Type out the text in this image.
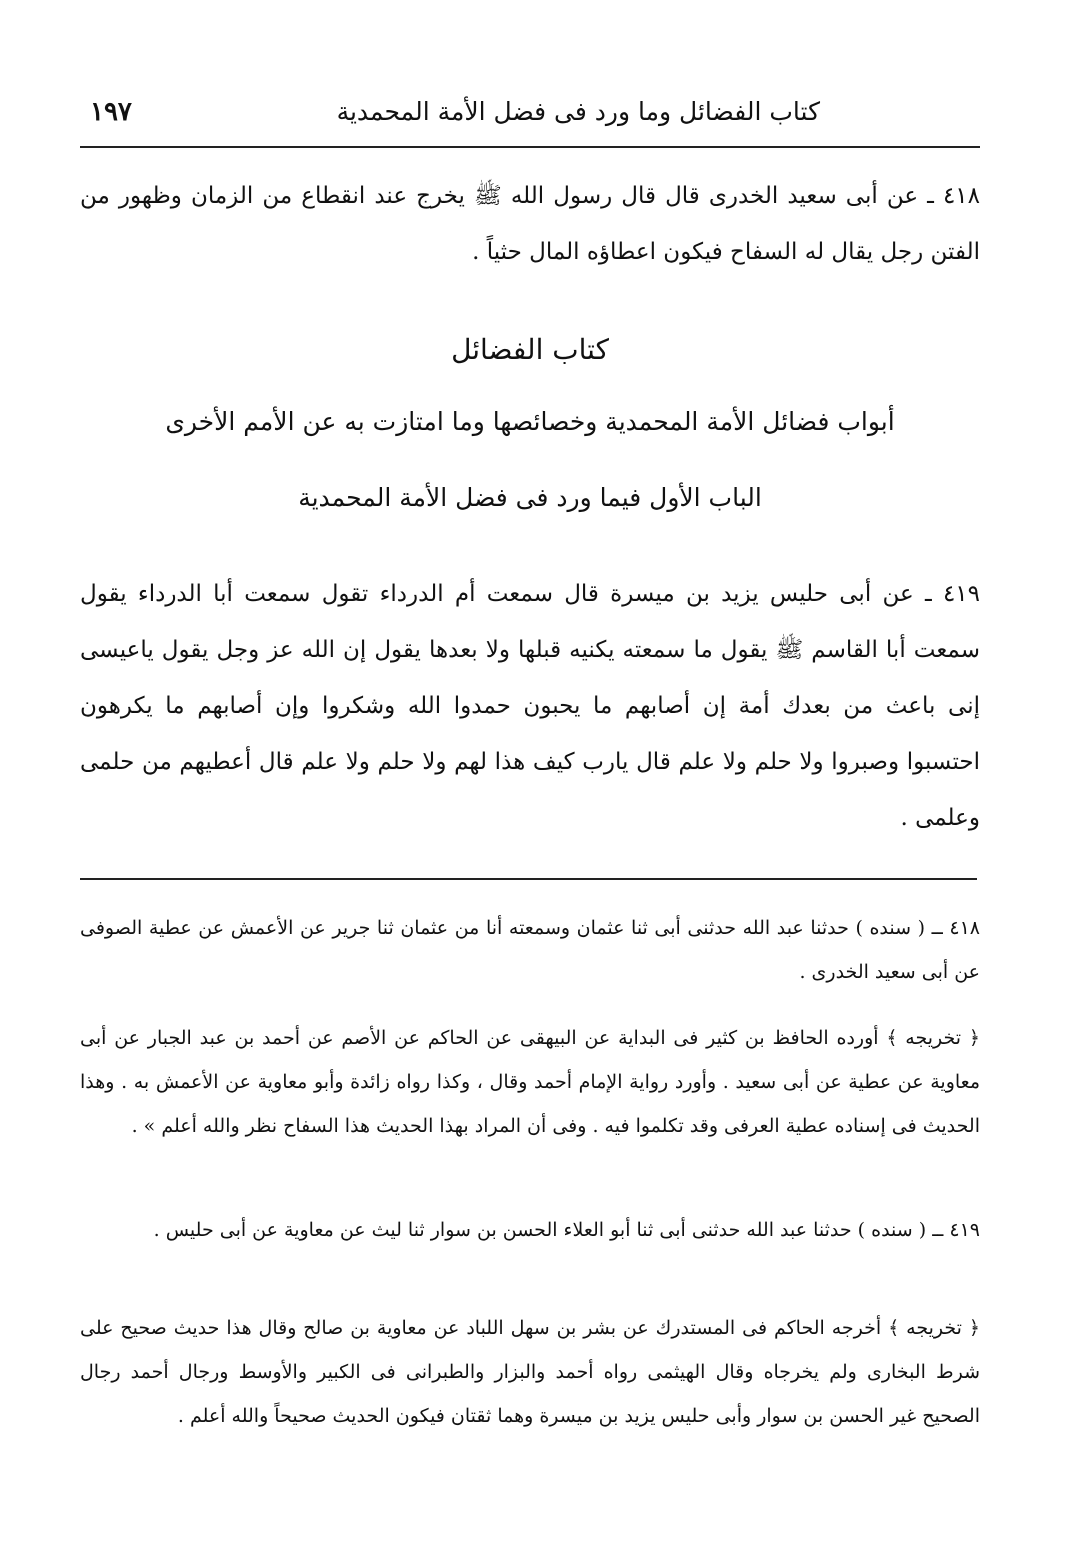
كتاب الفضائل وما ورد فى فضل الأمة المحمدية
١٩٧
٤١٨ ـ عن أبى سعيد الخدرى قال قال رسول الله ﷺ يخرج عند انقطاع من الزمان وظهور من الفتن رجل يقال له السفاح فيكون اعطاؤه المال حثياً .
كتاب الفضائل
أبواب فضائل الأمة المحمدية وخصائصها وما امتازت به عن الأمم الأخرى
الباب الأول فيما ورد فى فضل الأمة المحمدية
٤١٩ ـ عن أبى حليس يزيد بن ميسرة قال سمعت أم الدرداء تقول سمعت أبا الدرداء يقول سمعت أبا القاسم ﷺ يقول ما سمعته يكنيه قبلها ولا بعدها يقول إن الله عز وجل يقول ياعيسى إنى باعث من بعدك أمة إن أصابهم ما يحبون حمدوا الله وشكروا وإن أصابهم ما يكرهون احتسبوا وصبروا ولا حلم ولا علم قال يارب كيف هذا لهم ولا حلم ولا علم قال أعطيهم من حلمى وعلمى .
٤١٨ ــ ( سنده ) حدثنا عبد الله حدثنى أبى ثنا عثمان وسمعته أنا من عثمان ثنا جرير عن الأعمش عن عطية الصوفى عن أبى سعيد الخدرى .
﴿ تخريجه ﴾ أورده الحافظ بن كثير فى البداية عن البيهقى عن الحاكم عن الأصم عن أحمد بن عبد الجبار عن أبى معاوية عن عطية عن أبى سعيد . وأورد رواية الإمام أحمد وقال ، وكذا رواه زائدة وأبو معاوية عن الأعمش به . وهذا الحديث فى إسناده عطية العرفى وقد تكلموا فيه . وفى أن المراد بهذا الحديث هذا السفاح نظر والله أعلم » .
٤١٩ ــ ( سنده ) حدثنا عبد الله حدثنى أبى ثنا أبو العلاء الحسن بن سوار ثنا ليث عن معاوية عن أبى حليس .
﴿ تخريجه ﴾ أخرجه الحاكم فى المستدرك عن بشر بن سهل اللباد عن معاوية بن صالح وقال هذا حديث صحيح على شرط البخارى ولم يخرجاه وقال الهيثمى رواه أحمد والبزار والطبرانى فى الكبير والأوسط ورجال أحمد رجال الصحيح غير الحسن بن سوار وأبى حليس يزيد بن ميسرة وهما ثقتان فيكون الحديث صحيحاً والله أعلم .
